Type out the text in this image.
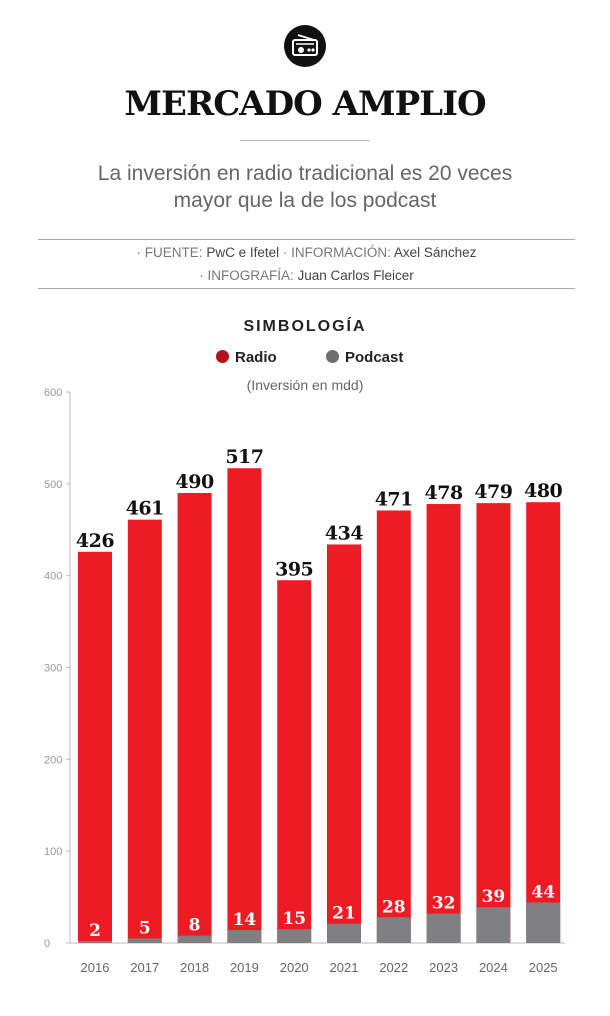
MERCADO AMPLIO
La inversión en radio tradicional es 20 veces
mayor que la de los podcast
· FUENTE: PwC e Ifetel · INFORMACIÓN: Axel Sánchez
· INFOGRAFÍA: Juan Carlos Fleicer
SIMBOLOGÍA
Radio	Podcast
(Inversión en mdd)
0
100
200
300
400
500
600
426
2
2016
461
5
2017
490
8
2018
517
14
2019
395
15
2020
434
21
2021
471
28
2022
478
32
2023
479
39
2024
480
44
2025
